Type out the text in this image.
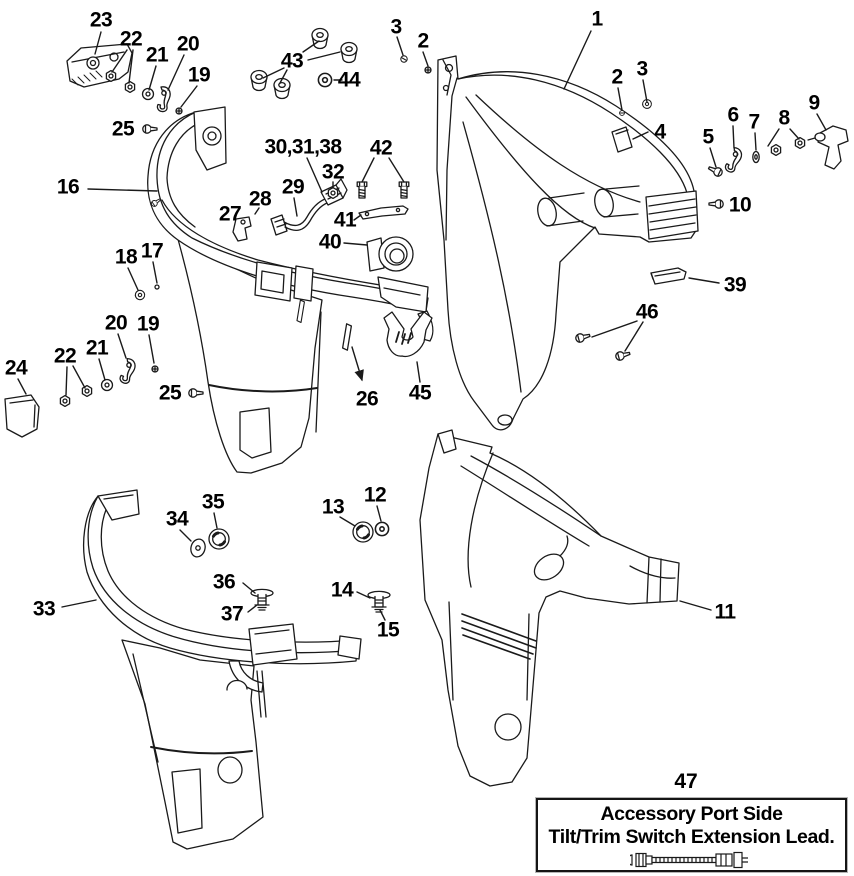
23
22
21 20
19
25
43
44
3
2
1
2 3
4 5
6 7 8
9
10
16
27
28
29
30,31,38
32
42
41
40
18 17
39
46
20 19
22 21
24
25	26 45
35
34
13
12
36
37
14
15
33	11
47
Accessory Port Side
Tilt/Trim Switch Extension Lead.
